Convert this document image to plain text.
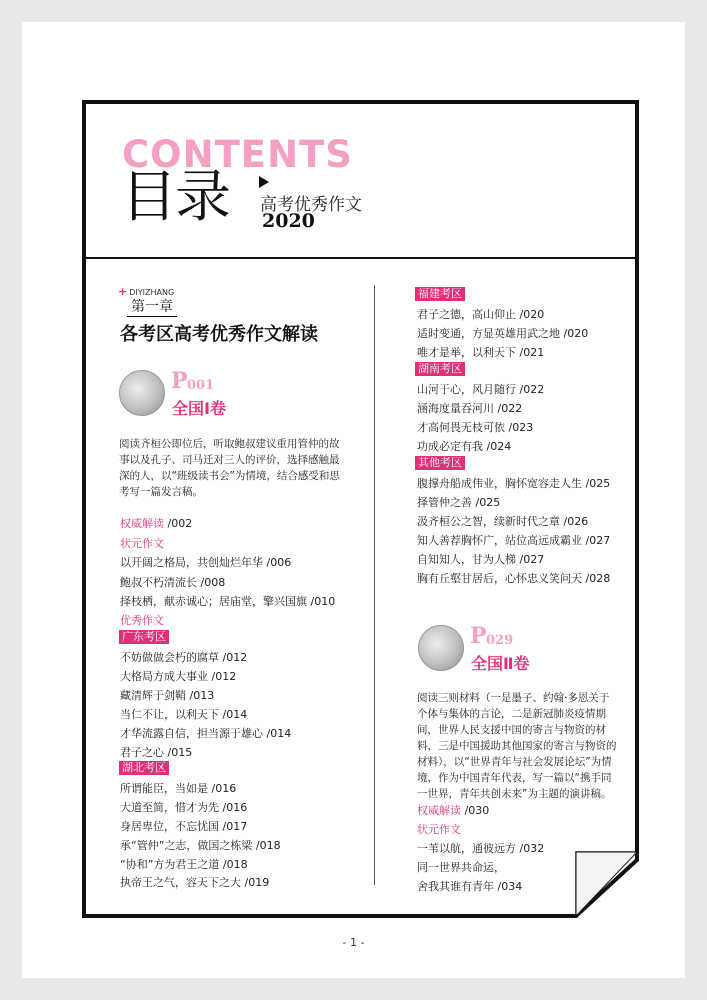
CONTENTS
目录 高考优秀作文
2020
+ DIYIZHANG
第一章
各考区高考优秀作文解读
P 001
全国Ⅰ卷
阅读齐桓公即位后，听取鲍叔建议重用管仲的故事以及孔子、司马迁对三人的评价，选择感触最深的人，以“班级读书会”为情境，结合感受和思考写一篇发言稿。
权威解读 /002
状元作文
以开阔之格局，共创灿烂年华 /006
鲍叔不朽清流长 /008
择枝栖，献赤诚心；居庙堂，擎兴国旗 /010
优秀作文
广东考区
不妨做做会朽的腐草 /012
大格局方成大事业 /012
藏清辉于剑鞘 /013
当仁不让，以利天下 /014
才华流露自信，担当源于雄心 /014
君子之心 /015
湖北考区
所谓能臣，当如是 /016
大道至简，惜才为先 /016
身居卑位，不忘忧国 /017
承“管仲”之志，做国之栋梁 /018
“协和”方为君王之道 /018
执帝王之气，容天下之大 /019
福建考区
君子之德，高山仰止 /020
适时变通，方显英雄用武之地 /020
唯才是举，以利天下 /021
湖南考区
山河于心，风月随行 /022
涵海度量吞河川 /022
才高何畏无枝可依 /023
功成必定有我 /024
其他考区
腹撑舟船成伟业，胸怀宽容走人生 /025
择管仲之善 /025
汲齐桓公之智，续新时代之章 /026
知人善荐胸怀广，站位高远成霸业 /027
自知知人，甘为人梯 /027
胸有丘壑甘居后，心怀忠义笑问天 /028
P 029
全国Ⅱ卷
阅读三则材料（一是墨子、约翰·多恩关于个体与集体的言论，二是新冠肺炎疫情期间，世界人民支援中国的寄言与物资的材料，三是中国援助其他国家的寄言与物资的材料），以“世界青年与社会发展论坛”为情境，作为中国青年代表，写一篇以“携手同一世界，青年共创未来”为主题的演讲稿。
权威解读 /030
状元作文
一苇以航，通彼远方 /032
同一世界共命运，
舍我其谁有青年 /034
- 1 -
